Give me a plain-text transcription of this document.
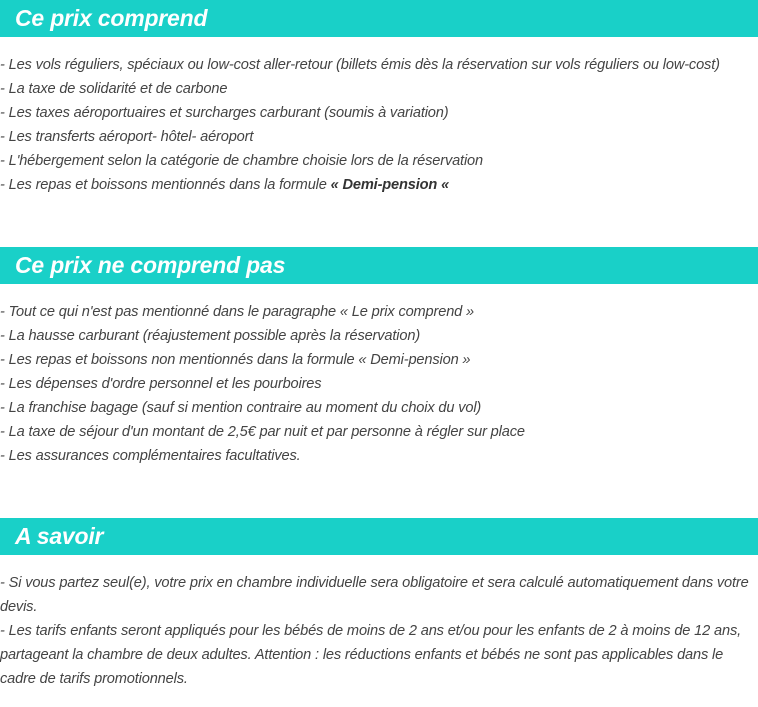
Ce prix comprend
- Les vols réguliers, spéciaux ou low-cost aller-retour (billets émis dès la réservation sur vols réguliers ou low-cost)
- La taxe de solidarité et de carbone
- Les taxes aéroportuaires et surcharges carburant (soumis à variation)
- Les transferts aéroport- hôtel- aéroport
- L'hébergement selon la catégorie de chambre choisie lors de la réservation
- Les repas et boissons mentionnés dans la formule « Demi-pension «
Ce prix ne comprend pas
- Tout ce qui n'est pas mentionné dans le paragraphe « Le prix comprend »
- La hausse carburant (réajustement possible après la réservation)
- Les repas et boissons non mentionnés dans la formule « Demi-pension »
- Les dépenses d'ordre personnel et les pourboires
- La franchise bagage (sauf si mention contraire au moment du choix du vol)
- La taxe de séjour d'un montant de 2,5€ par nuit et par personne à régler sur place
- Les assurances complémentaires facultatives.
A savoir

- Si vous partez seul(e), votre prix en chambre individuelle sera obligatoire et sera calculé automatiquement dans votre devis.

- Les tarifs enfants seront appliqués pour les bébés de moins de 2 ans et/ou pour les enfants de 2 à moins de 12 ans, partageant la chambre de deux adultes. Attention : les réductions enfants et bébés ne sont pas applicables dans le cadre de tarifs promotionnels.
